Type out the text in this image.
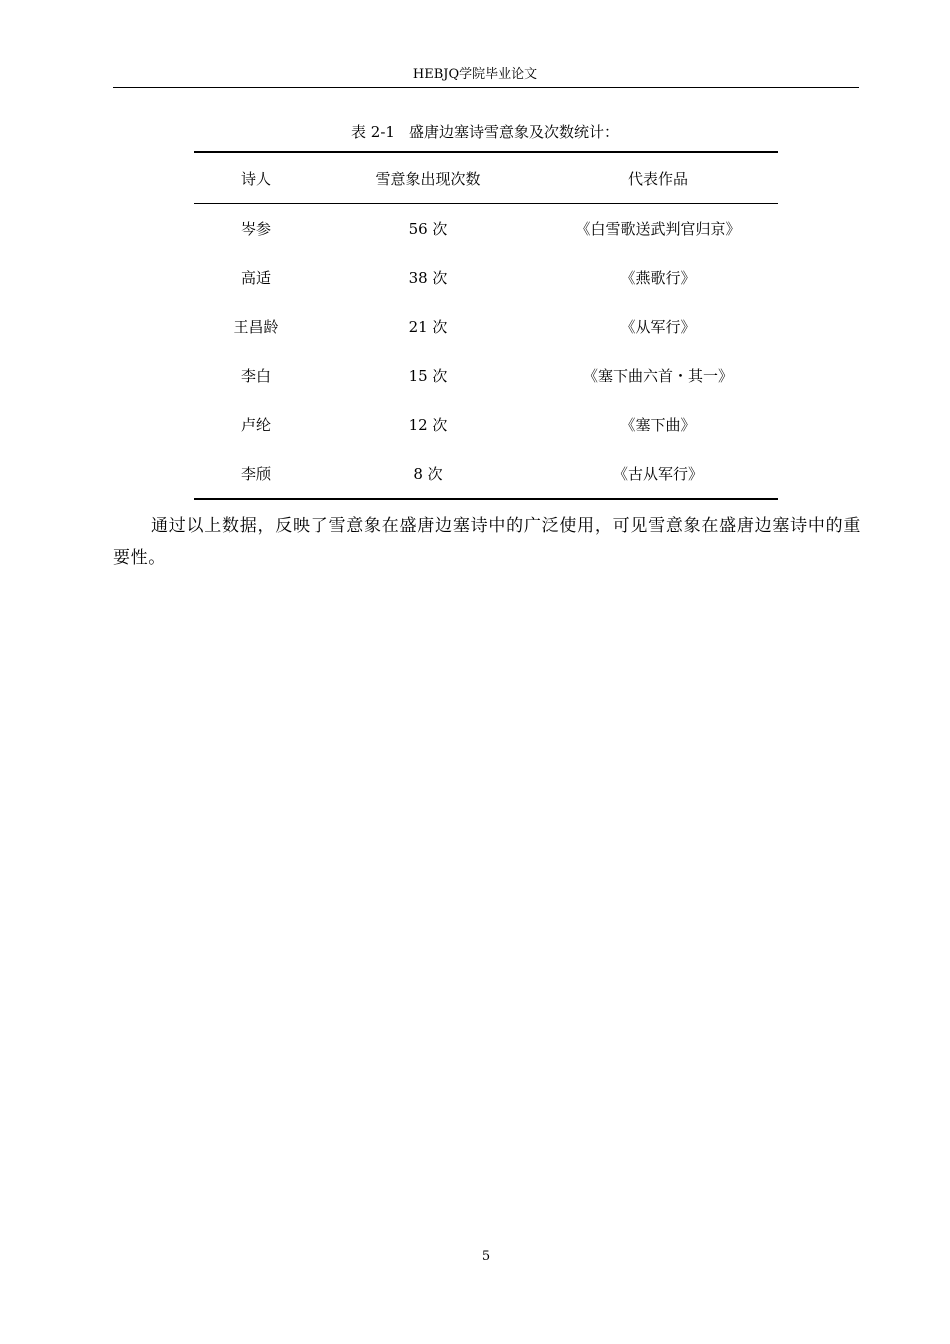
HEBJQ学院毕业论文
表 2-1 盛唐边塞诗雪意象及次数统计：
诗人	雪意象出现次数	代表作品
岑参	56 次	《白雪歌送武判官归京》
高适	38 次	《燕歌行》
王昌龄	21 次	《从军行》
李白	15 次	《塞下曲六首・其一》
卢纶	12 次	《塞下曲》
李颀	8 次	《古从军行》

通过以上数据，反映了雪意象在盛唐边塞诗中的广泛使用，可见雪意象在盛唐边塞诗中的重要性。

5
